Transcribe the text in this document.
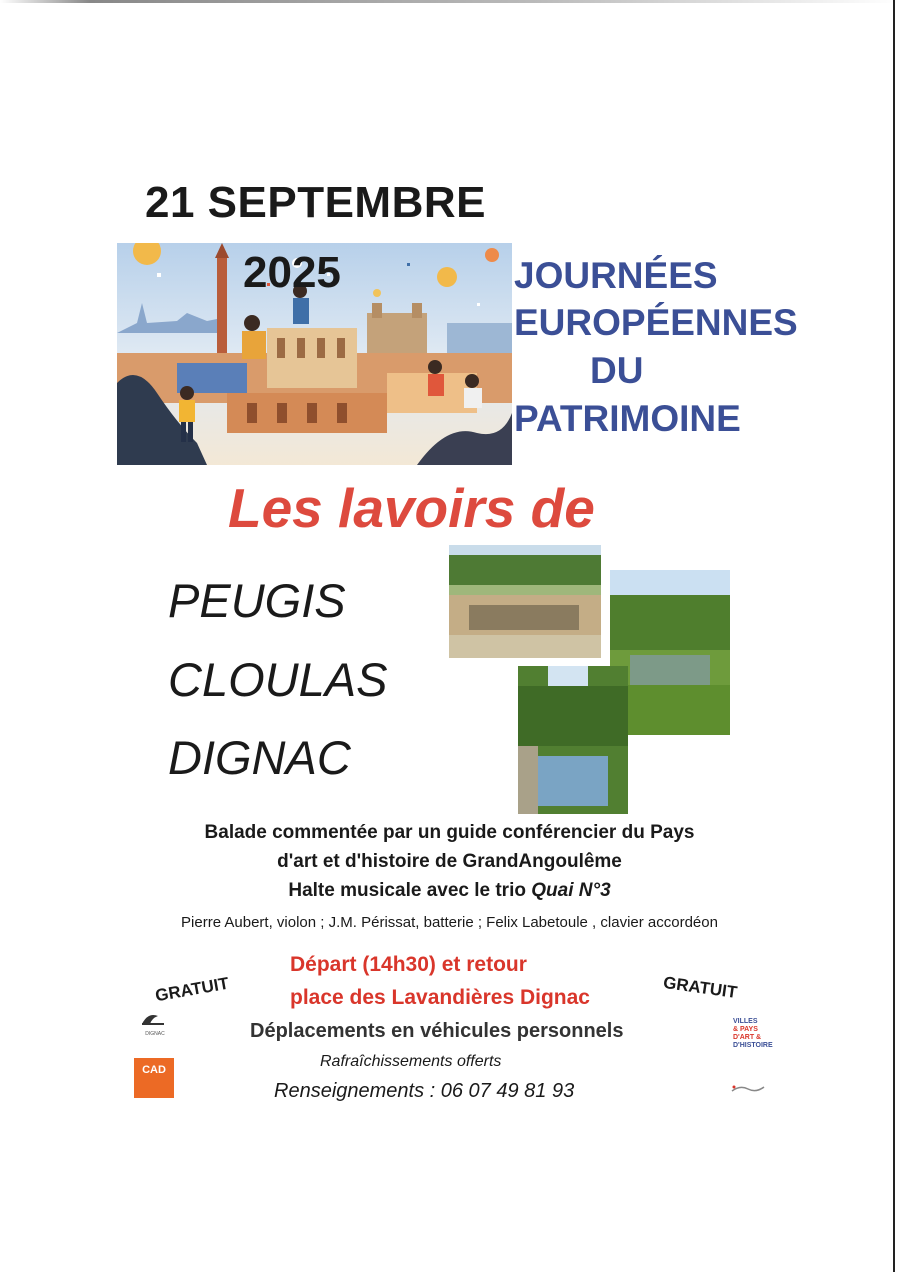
21 SEPTEMBRE
2025	JOURNÉES
EUROPÉENNES
DU
PATRIMOINE
Les lavoirs de
PEUGIS
CLOULAS
DIGNAC
Balade commentée par un guide conférencier du Pays
d'art et d'histoire de GrandAngoulême
Halte musicale avec le trio Quai N°3
Pierre Aubert, violon ; J.M. Périssat, batterie ; Felix Labetoule , clavier accordéon
Départ (14h30) et retour
place des Lavandières Dignac
GRATUIT	GRATUIT
DIGNAC
CAD
VILLES
& PAYS
D'ART &
D'HISTOIRE
Déplacements en véhicules personnels
Rafraîchissements offerts
Renseignements : 06 07 49 81 93
